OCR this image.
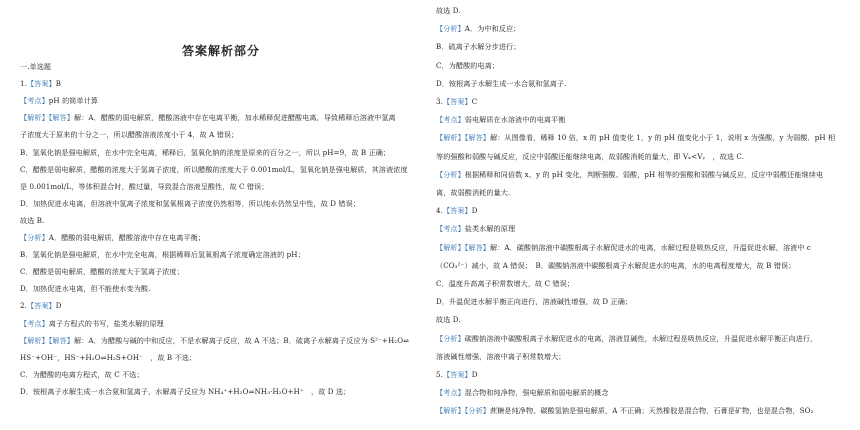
答案解析部分
一.单选题
1.【答案】B
【考点】pH 的简单计算
【解析】【解答】解：A．醋酸的弱电解质，醋酸溶液中存在电离平衡，加水稀释促进醋酸电离，导致稀释后溶液中氢离
子浓度大于原来的十分之一，所以醋酸溶液浓度小于 4，故 A 错误；
B．氢氧化钠是强电解质，在水中完全电离，稀释后，氢氧化钠的浓度是原来的百分之一，所以 pH=9，故 B 正确；
C．醋酸是弱电解质，醋酸的浓度大于氢离子浓度，所以醋酸的浓度大于 0.001mol/L，氢氧化钠是强电解质，其溶液浓度
是 0.001mol/L，等体积混合时，酸过量，导致混合溶液呈酸性，故 C 错误；
D．加热促进水电离，但溶液中氢离子浓度和氢氧根离子浓度仍然相等，所以纯水仍然呈中性，故 D 错误；
故选 B.
【分析】A．醋酸的弱电解质，醋酸溶液中存在电离平衡；
B．氢氧化钠是强电解质，在水中完全电离，根据稀释后氢氧根离子浓度确定溶液的 pH；
C．醋酸是弱电解质，醋酸的浓度大于氢离子浓度；
D．加热促进水电离，但不能使水变为酸.
2.【答案】D
【考点】离子方程式的书写，盐类水解的原理
【解析】【解答】解：A．为醋酸与碱的中和反应，不是水解离子反应，故 A 不选；B．硫离子水解离子反应为 S²⁻+H₂O⇌
HS⁻+OH⁻，HS⁻+H₂O⇌H₂S+OH⁻　，故 B 不选；
C．为醋酸的电离方程式，故 C 不选；
D．铵根离子水解生成一水合氨和氢离子，水解离子反应为 NH₄⁺+H₂O⇌NH₃·H₂O+H⁺　，故 D 选；
故选 D.
【分析】A．为中和反应；
B．硫离子水解分步进行；
C．为醋酸的电离；
D．铵根离子水解生成一水合氨和氢离子.
3.【答案】C
【考点】弱电解质在水溶液中的电离平衡
【解析】【解答】解：从图像看，稀释 10 倍，x 的 pH 值变化 1，y 的 pH 值变化小于 1，说明 x 为强酸，y 为弱酸．pH 相
等的强酸和弱酸与碱反应，反应中弱酸还能继续电离，故弱酸消耗的量大，即 Vₓ<Vᵧ　，故选 C.
【分析】根据稀释和同倍数 x、y 的 pH 变化，判断强酸、弱酸，pH 相等的强酸和弱酸与碱反应，反应中弱酸还能继续电
离，故弱酸消耗的量大.
4.【答案】D
【考点】盐类水解的原理
【解析】【解答】解：A．碳酸钠溶液中碳酸根离子水解促进水的电离，水解过程是吸热反应，升温促进水解，溶液中 c
（CO₃²⁻）减小，故 A 错误；　B．碳酸钠溶液中碳酸根离子水解促进水的电离，水的电离程度增大，故 B 错误；
C．温度升高离子积常数增大，故 C 错误；
D．升温促进水解平衡正向进行，溶液碱性增强，故 D 正确；
故选 D.
【分析】碳酸钠溶液中碳酸根离子水解促进水的电离，溶液显碱性，水解过程是吸热反应，升温促进水解平衡正向进行，
溶液碱性增强，溶液中离子积常数增大；
5.【答案】D
【考点】混合物和纯净物，强电解质和弱电解质的概念
【解析】【分析】蔗糖是纯净物、碳酸氢钠是强电解质，A 不正确；天然橡胶是混合物，石膏是矿物，也是混合物，SO₂
